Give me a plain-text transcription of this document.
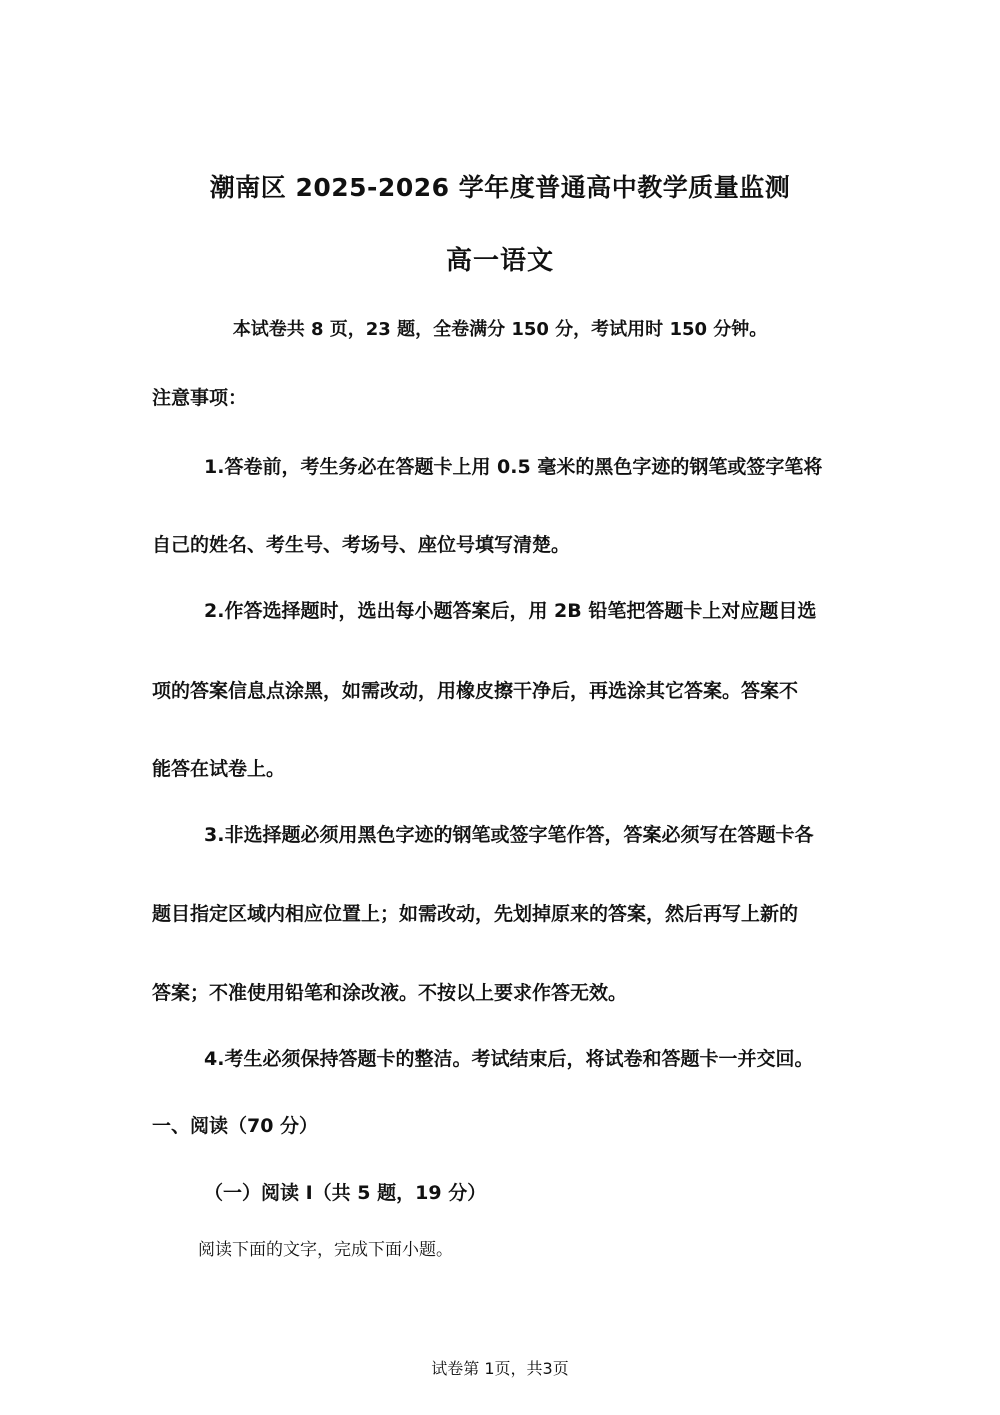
潮南区 2025-2026 学年度普通高中教学质量监测
高一语文
本试卷共 8 页，23 题，全卷满分 150 分，考试用时 150 分钟。
注意事项：
1.答卷前，考生务必在答题卡上用 0.5 毫米的黑色字迹的钢笔或签字笔将
自己的姓名、考生号、考场号、座位号填写清楚。
2.作答选择题时，选出每小题答案后，用 2B 铅笔把答题卡上对应题目选
项的答案信息点涂黑，如需改动，用橡皮擦干净后，再选涂其它答案。答案不
能答在试卷上。
3.非选择题必须用黑色字迹的钢笔或签字笔作答，答案必须写在答题卡各
题目指定区域内相应位置上；如需改动，先划掉原来的答案，然后再写上新的
答案；不准使用铅笔和涂改液。不按以上要求作答无效。
4.考生必须保持答题卡的整洁。考试结束后，将试卷和答题卡一并交回。
一、阅读（70 分）
（一）阅读 I（共 5 题，19 分）
阅读下面的文字，完成下面小题。
试卷第 1页，共3页
